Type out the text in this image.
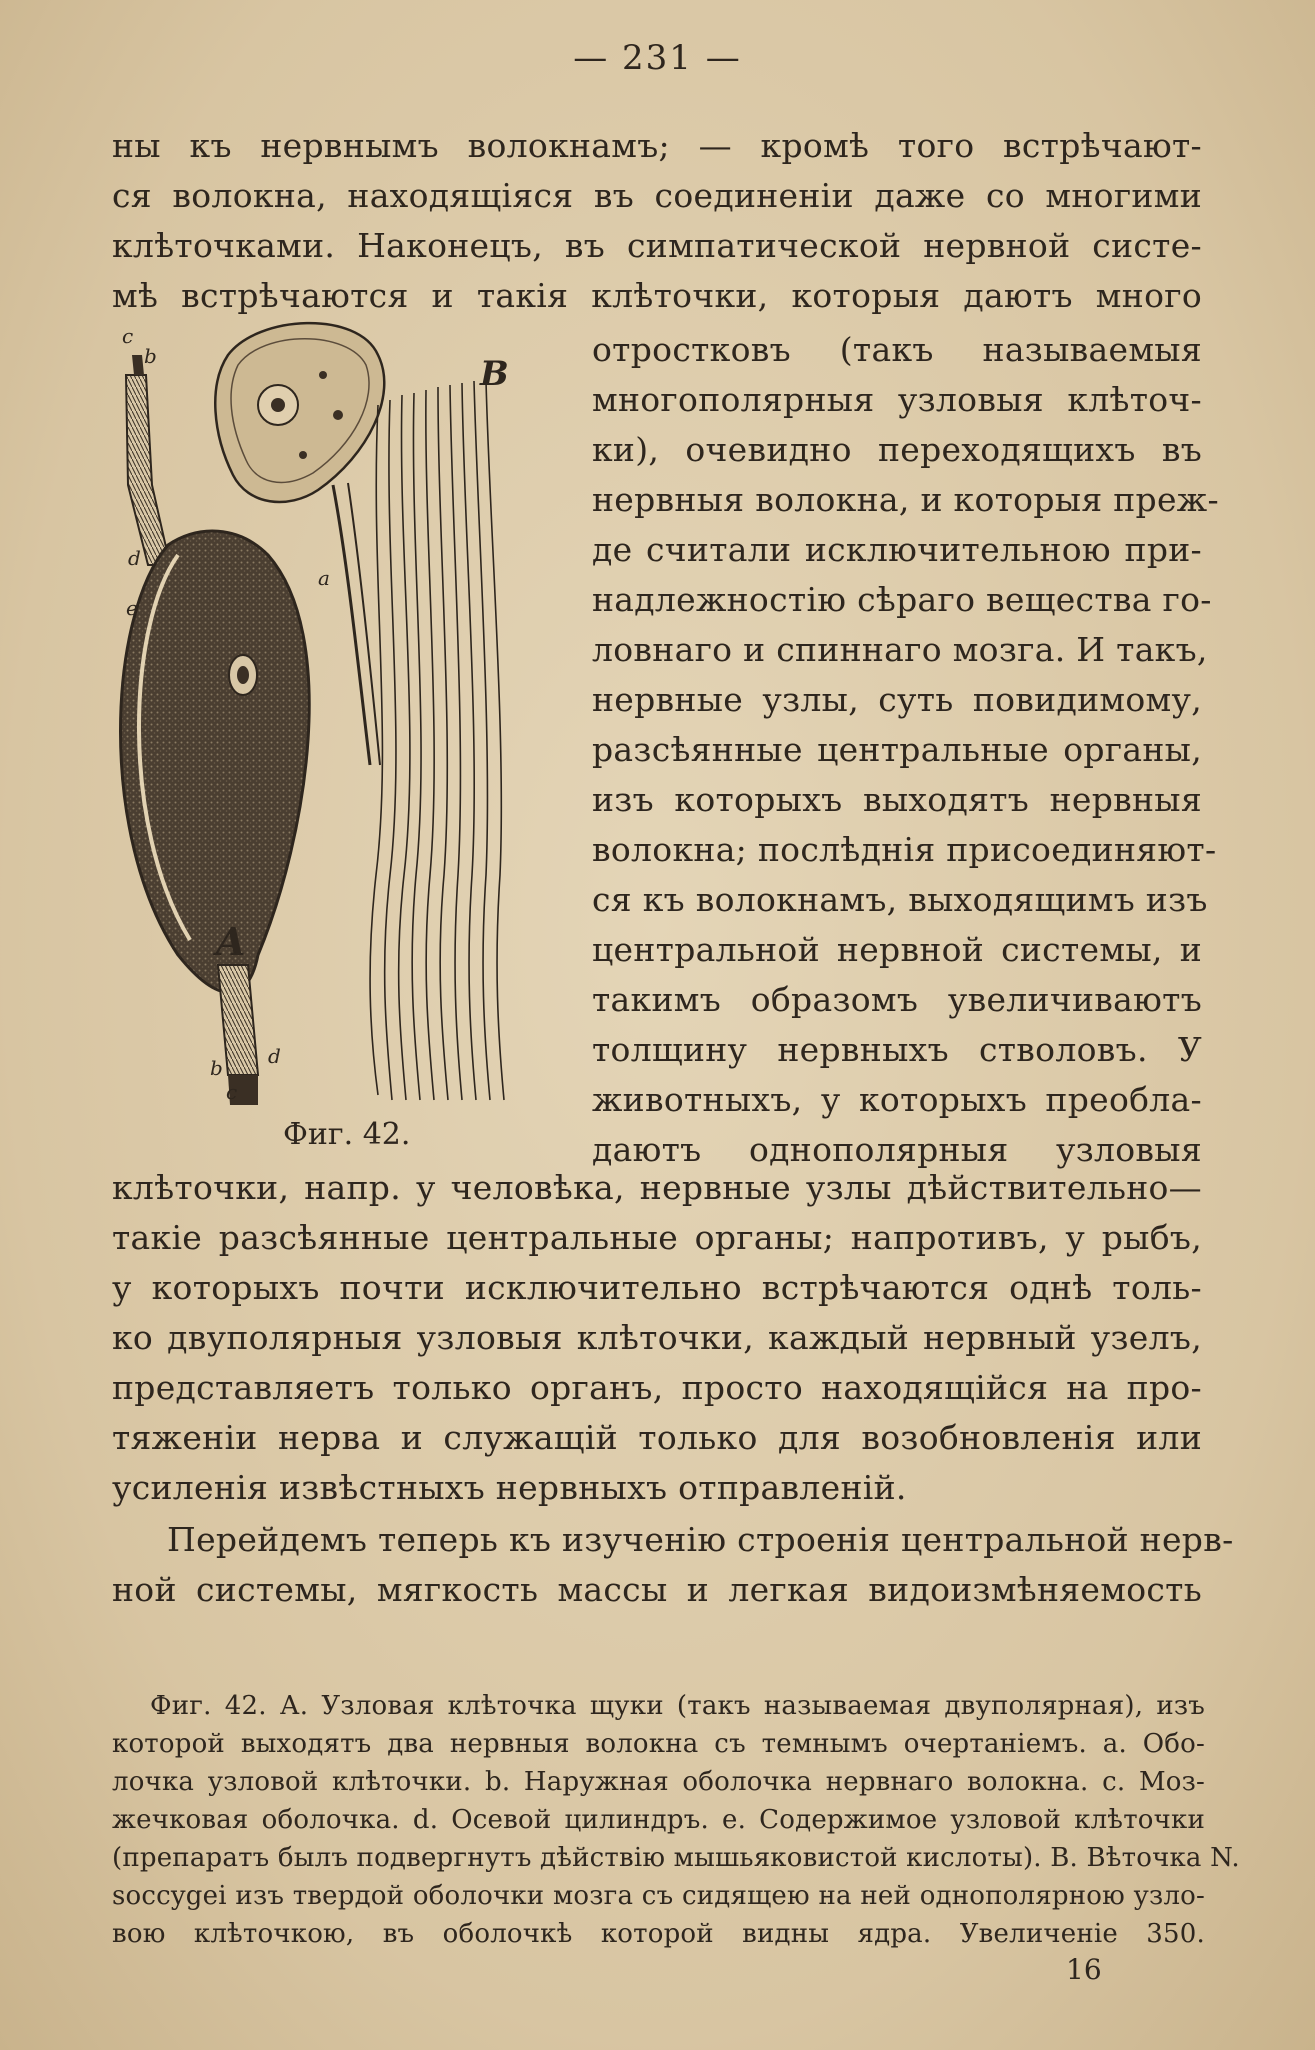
— 231 —
ны къ нервнымъ волокнамъ; — кромѣ того встрѣчают-
ся волокна, находящіяся въ соединеніи даже со многими
клѣточками. Наконецъ, въ симпатической нервной систе-
мѣ встрѣчаются и такія клѣточки, которыя даютъ много
отростковъ (такъ называемыя
многополярныя узловыя клѣточ-
ки), очевидно переходящихъ въ
нервныя волокна, и которыя преж-
де считали исключительною при-
надлежностію сѣраго вещества го-
ловнаго и спиннаго мозга. И такъ,
нервные узлы, суть повидимому,
разсѣянные центральные органы,
изъ которыхъ выходятъ нервныя
волокна; послѣднія присоединяют-
ся къ волокнамъ, выходящимъ изъ
центральной нервной системы, и
такимъ образомъ увеличиваютъ
толщину нервныхъ стволовъ. У
животныхъ, у которыхъ преобла-
даютъ однополярныя узловыя
c
b	B
d
a
e
A
b d
c
Фиг. 42.
клѣточки, напр. у человѣка, нервные узлы дѣйствительно—
такіе разсѣянные центральные органы; напротивъ, у рыбъ,
у которыхъ почти исключительно встрѣчаются однѣ толь-
ко двуполярныя узловыя клѣточки, каждый нервный узелъ,
представляетъ только органъ, просто находящійся на про-
тяженіи нерва и служащій только для возобновленія или
усиленія извѣстныхъ нервныхъ отправленій.
Перейдемъ теперь къ изученію строенія центральной нерв-
ной системы, мягкость массы и легкая видоизмѣняемость
Фиг. 42. А. Узловая клѣточка щуки (такъ называемая двуполярная), изъ
которой выходятъ два нервныя волокна съ темнымъ очертаніемъ. a. Обо-
лочка узловой клѣточки. b. Наружная оболочка нервнаго волокна. c. Моз-
жечковая оболочка. d. Осевой цилиндръ. e. Содержимое узловой клѣточки
(препаратъ былъ подвергнутъ дѣйствію мышьяковистой кислоты). B. Вѣточка N.
soccygei изъ твердой оболочки мозга съ сидящею на ней однополярною узло-
вою клѣточкою, въ оболочкѣ которой видны ядра. Увеличеніе 350.
16
